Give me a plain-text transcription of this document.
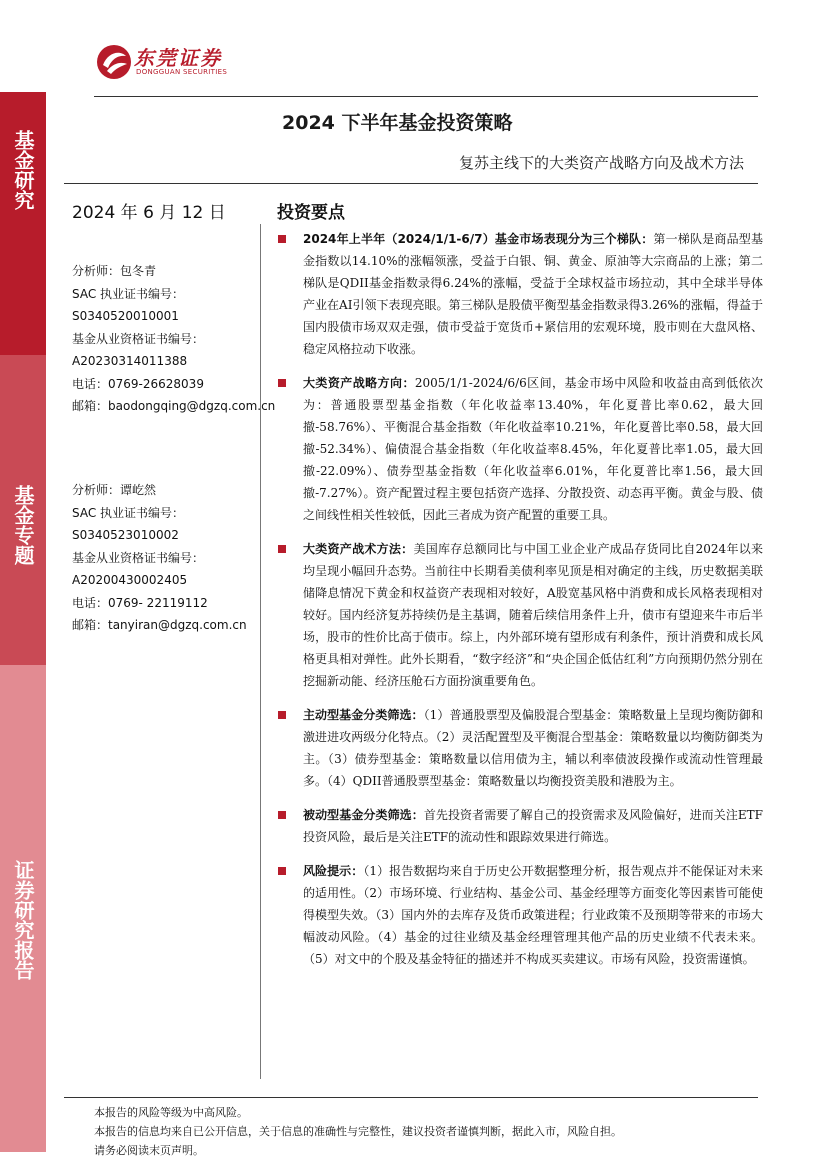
东莞证券
DONGGUAN SECURITIES
基金研究
基金专题
证券研究报告
2024 下半年基金投资策略
复苏主线下的大类资产战略方向及战术方法
2024 年 6 月 12 日	投资要点
分析师：包冬青
SAC 执业证书编号：
S0340520010001
基金从业资格证书编号：
A20230314011388
电话：0769-26628039
邮箱：baodongqing@dgzq.com.cn
分析师：谭屹然
SAC 执业证书编号：
S0340523010002
基金从业资格证书编号：
A20200430002405
电话：0769- 22119112
邮箱：tanyiran@dgzq.com.cn
2024年上半年（2024/1/1-6/7）基金市场表现分为三个梯队：第一梯队是商品型基金指数以14.10%的涨幅领涨，受益于白银、铜、黄金、原油等大宗商品的上涨；第二梯队是QDII基金指数录得6.24%的涨幅，受益于全球权益市场拉动，其中全球半导体产业在AI引领下表现亮眼。第三梯队是股债平衡型基金指数录得3.26%的涨幅，得益于国内股债市场双双走强，债市受益于宽货币+紧信用的宏观环境，股市则在大盘风格、稳定风格拉动下收涨。
大类资产战略方向：2005/1/1-2024/6/6区间，基金市场中风险和收益由高到低依次为：普通股票型基金指数（年化收益率13.40%，年化夏普比率0.62，最大回撤-58.76%）、平衡混合基金指数（年化收益率10.21%，年化夏普比率0.58，最大回撤-52.34%）、偏债混合基金指数（年化收益率8.45%，年化夏普比率1.05，最大回撤-22.09%）、债券型基金指数（年化收益率6.01%，年化夏普比率1.56，最大回撤-7.27%）。资产配置过程主要包括资产选择、分散投资、动态再平衡。黄金与股、债之间线性相关性较低，因此三者成为资产配置的重要工具。
大类资产战术方法：美国库存总额同比与中国工业企业产成品存货同比自2024年以来均呈现小幅回升态势。当前往中长期看美债利率见顶是相对确定的主线，历史数据美联储降息情况下黄金和权益资产表现相对较好，A股宽基风格中消费和成长风格表现相对较好。国内经济复苏持续仍是主基调，随着后续信用条件上升，债市有望迎来牛市后半场，股市的性价比高于债市。综上，内外部环境有望形成有利条件，预计消费和成长风格更具相对弹性。此外长期看，“数字经济”和“央企国企低估红利”方向预期仍然分别在挖掘新动能、经济压舱石方面扮演重要角色。
主动型基金分类筛选：（1）普通股票型及偏股混合型基金：策略数量上呈现均衡防御和激进进攻两级分化特点。（2）灵活配置型及平衡混合型基金：策略数量以均衡防御类为主。（3）债券型基金：策略数量以信用债为主，辅以利率债波段操作或流动性管理最多。（4）QDII普通股票型基金：策略数量以均衡投资美股和港股为主。
被动型基金分类筛选：首先投资者需要了解自己的投资需求及风险偏好，进而关注ETF投资风险，最后是关注ETF的流动性和跟踪效果进行筛选。
风险提示：（1）报告数据均来自于历史公开数据整理分析，报告观点并不能保证对未来的适用性。（2）市场环境、行业结构、基金公司、基金经理等方面变化等因素皆可能使得模型失效。（3）国内外的去库存及货币政策进程；行业政策不及预期等带来的市场大幅波动风险。（4）基金的过往业绩及基金经理管理其他产品的历史业绩不代表未来。（5）对文中的个股及基金特征的描述并不构成买卖建议。市场有风险，投资需谨慎。
本报告的风险等级为中高风险。
本报告的信息均来自已公开信息，关于信息的准确性与完整性，建议投资者谨慎判断，据此入市，风险自担。
请务必阅读末页声明。
